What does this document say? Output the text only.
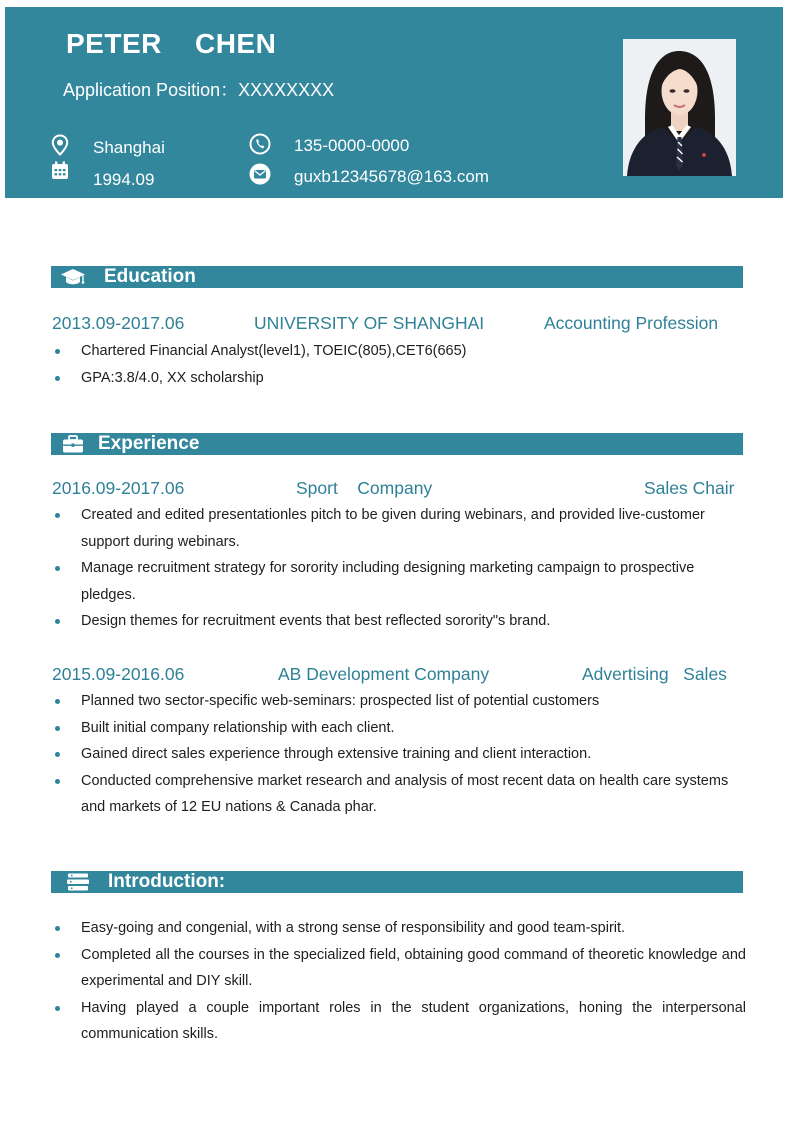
PETER    CHEN
Application Position：XXXXXXXX
Shanghai
1994.09
135-0000-0000
guxb12345678@163.com
Education
2013.09-2017.06	UNIVERSITY OF SHANGHAI	Accounting Profession
Chartered Financial Analyst(level1), TOEIC(805),CET6(665)
GPA:3.8/4.0, XX scholarship
Experience
2016.09-2017.06	Sport    Company	Sales Chair
Created and edited presentationles pitch to be given during webinars, and provided live-customer support during webinars.
Manage recruitment strategy for sorority including designing marketing campaign to prospective pledges.
Design themes for recruitment events that best reflected sorority"s brand.
2015.09-2016.06	AB Development Company	Advertising   Sales
Planned two sector-specific web-seminars: prospected list of potential customers
Built initial company relationship with each client.
Gained direct sales experience through extensive training and client interaction.
Conducted comprehensive market research and analysis of most recent data on health care systems and markets of 12 EU nations & Canada phar.
Introduction:
Easy-going and congenial, with a strong sense of responsibility and good team-spirit.
Completed all the courses in the specialized field, obtaining good command of theoretic knowledge and experimental and DIY skill.
Having played a couple important roles in the student organizations, honing the interpersonal communication skills.
